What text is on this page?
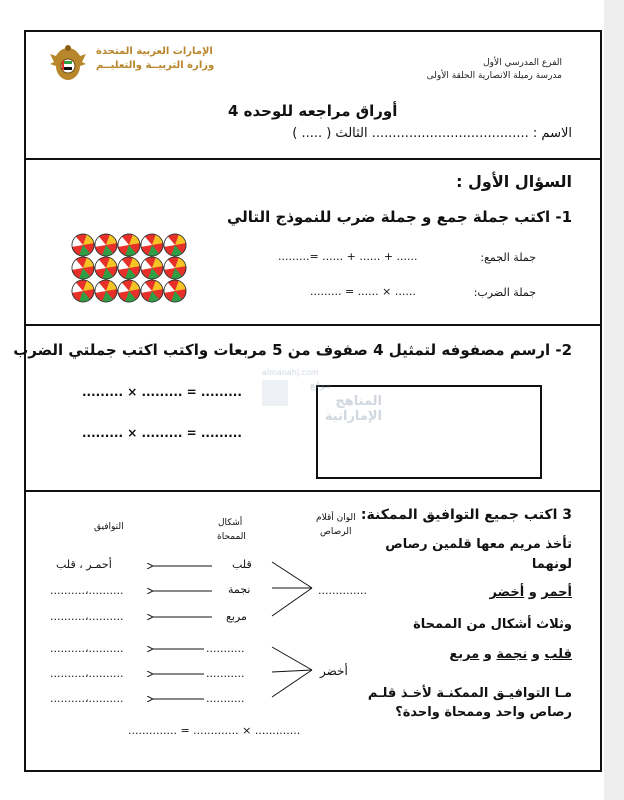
الإمارات العربية المتحدة
وزارة التربيــة والتعليــم	الفرع المدرسي الأول
مدرسة رميلة الانصارية الحلقة الأولى
أوراق مراجعه للوحده 4
الاسم : ...................................... الثالث ( ..... )
السؤال الأول :
1- اكتب جملة جمع و جملة ضرب للنموذج التالي
جملة الجمع:
.........= ...... + ...... + ......
جملة الضرب:
......... = ...... × ......
2- ارسم مصفوفه لتمثيل 4 صفوف من 5 مربعات واكتب اكتب جملتي الضرب
......... × ......... = .........
......... × ......... = .........
almanahj.com
موقع
المناهج الإماراتية
3 اكتب جميع التوافيق الممكنة:
تأخذ مريم معها قلمين رصاص
لونهما
أحمر و أخضر
وثلاث أشكال من الممحاة
قلب و نجمة و مربع
مـا التوافيـق الممكنـة لأخـذ قلـم
رصاص واحد وممحاة واحدة؟
الوان أقلام
الرصاص
أشكال
الممحاة
التوافيق
..............
أخضر
قلب
نجمة
مربع
...........
...........
...........
أحمـر ، قلب
..........،..........
..........،..........
..........،..........
..........،..........
..........،..........
.............. = ............. × .............
